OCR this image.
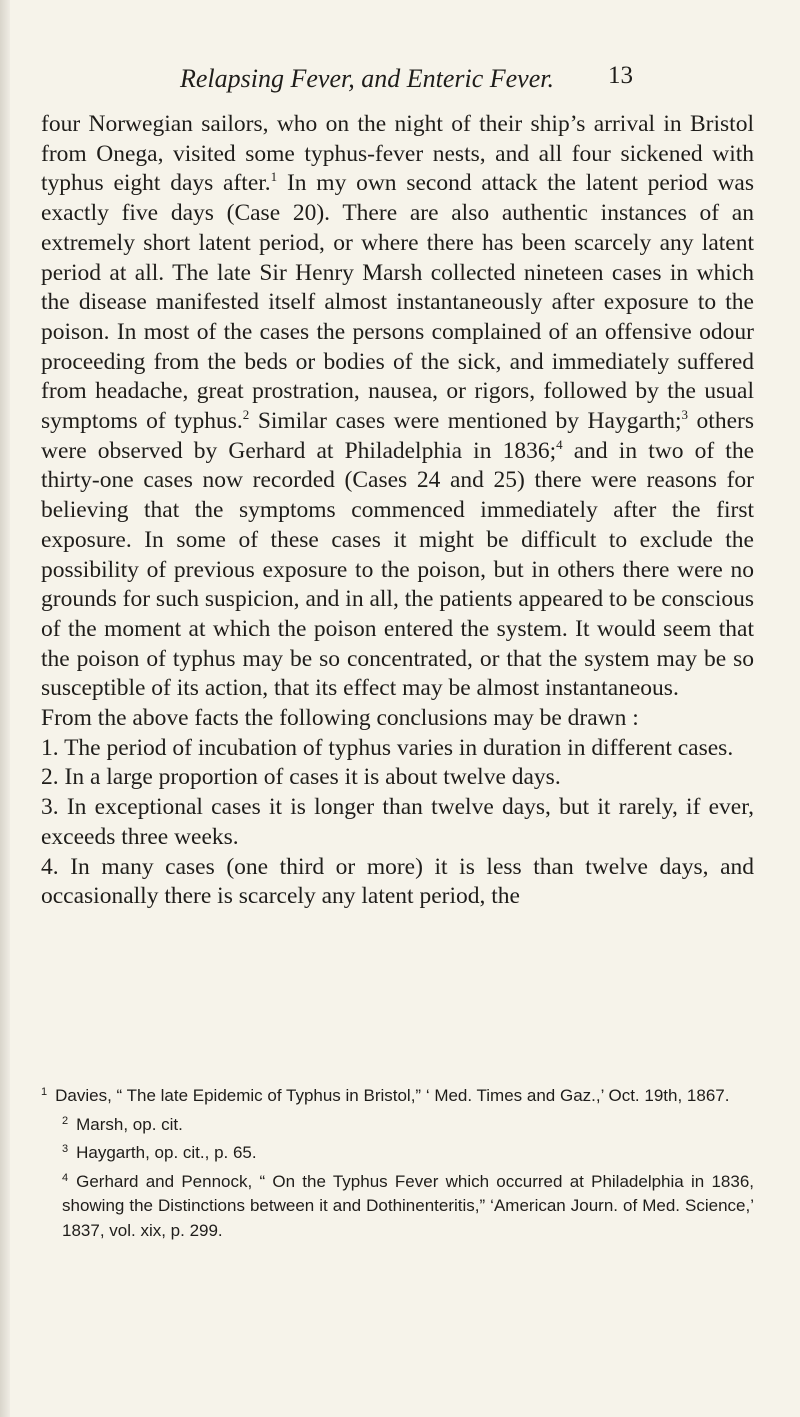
Relapsing Fever, and Enteric Fever.	13

four Norwegian sailors, who on the night of their ship’s arrival in Bristol from Onega, visited some typhus-fever nests, and all four sickened with typhus eight days after.$^1$ In my own second attack the latent period was exactly five days (Case 20). There are also authentic instances of an extremely short latent period, or where there has been scarcely any latent period at all. The late Sir Henry Marsh collected nineteen cases in which the disease manifested itself almost instantaneously after exposure to the poison. In most of the cases the persons complained of an offensive odour proceeding from the beds or bodies of the sick, and immediately suffered from headache, great prostration, nausea, or rigors, followed by the usual symptoms of typhus.$^2$ Similar cases were mentioned by Haygarth;$^3$ others were observed by Gerhard at Philadelphia in 1836;$^4$ and in two of the thirty-one cases now recorded (Cases 24 and 25) there were reasons for believing that the symptoms commenced immediately after the first exposure. In some of these cases it might be difficult to exclude the possibility of previous exposure to the poison, but in others there were no grounds for such suspicion, and in all, the patients appeared to be conscious of the moment at which the poison entered the system. It would seem that the poison of typhus may be so concentrated, or that the system may be so susceptible of its action, that its effect may be almost instantaneous.

From the above facts the following conclusions may be drawn :

1. The period of incubation of typhus varies in duration in different cases.

2. In a large proportion of cases it is about twelve days.

3. In exceptional cases it is longer than twelve days, but it rarely, if ever, exceeds three weeks.

4. In many cases (one third or more) it is less than twelve days, and occasionally there is scarcely any latent period, the

$^1$ Davies, “ The late Epidemic of Typhus in Bristol,” ‘ Med. Times and Gaz.,’ Oct. 19th, 1867.

$^2$ Marsh, op. cit.

$^3$ Haygarth, op. cit., p. 65.

$^4$ Gerhard and Pennock, “ On the Typhus Fever which occurred at Philadelphia in 1836, showing the Distinctions between it and Dothinenteritis,” ‘American Journ. of Med. Science,’ 1837, vol. xix, p. 299.
